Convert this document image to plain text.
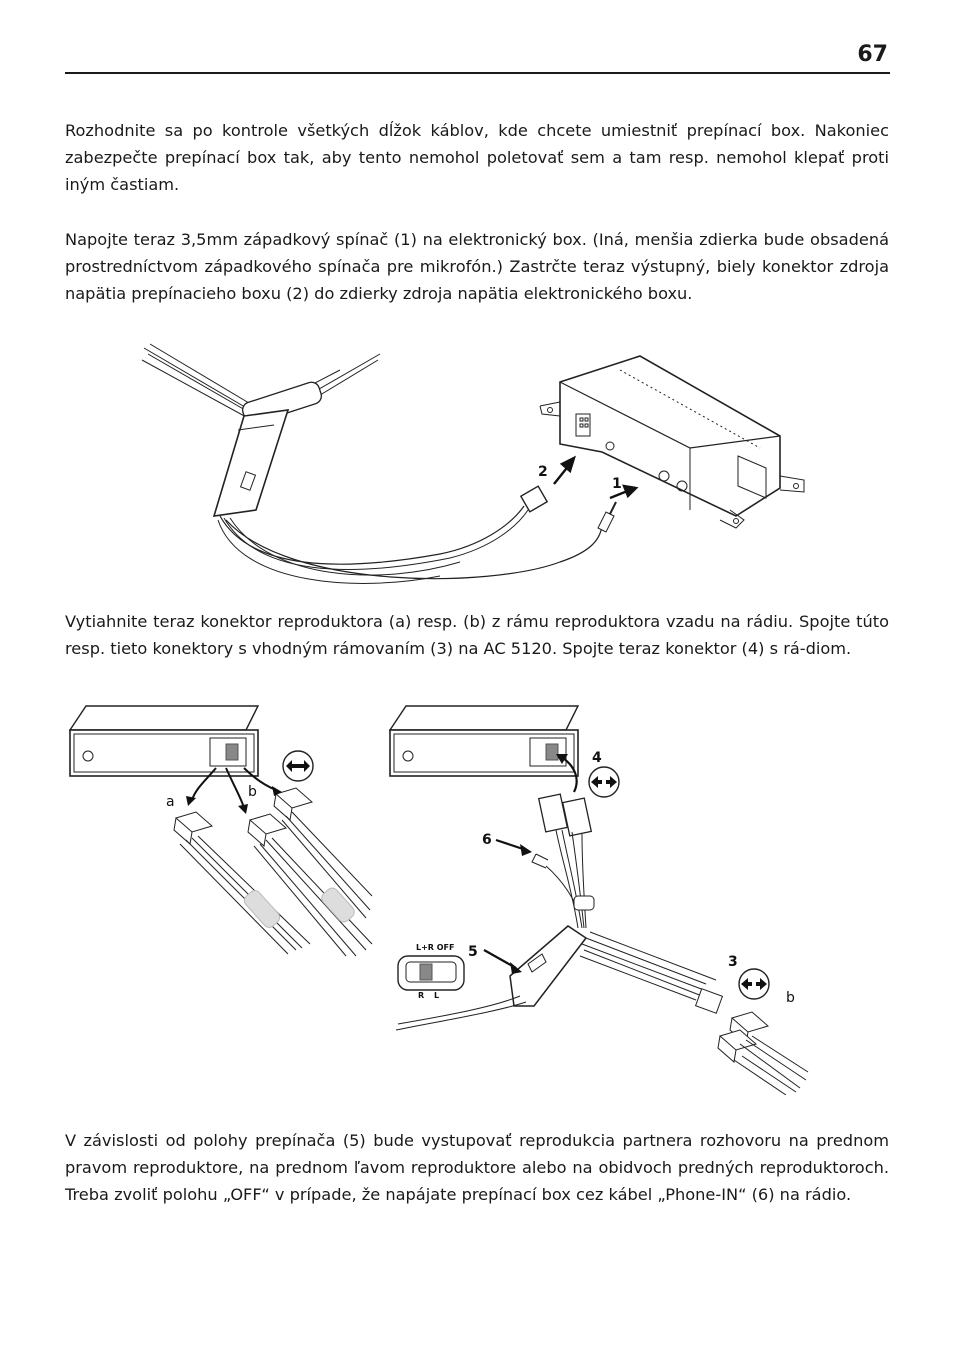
67

Rozhodnite sa po kontrole všetkých dĺžok káblov, kde chcete umiestniť prepínací box. Nakoniec zabezpečte prepínací box tak, aby tento nemohol poletovať sem a tam resp. nemohol klepať proti iným častiam.

Napojte teraz 3,5mm západkový spínač (1) na elektronický box. (Iná, menšia zdierka bude obsadená prostredníctvom západkového spínača pre mikrofón.) Zastrčte teraz výstupný, biely konektor zdroja napätia prepínacieho boxu (2) do zdierky zdroja napätia elektronického boxu.

2
1

Vytiahnite teraz konektor reproduktora (a) resp. (b) z rámu reproduktora vzadu na rádiu. Spojte túto resp. tieto konektory s vhodným rámovaním (3) na AC 5120. Spojte teraz konektor (4) s rá-diom.

a
b
4
6
5
3
b
L+R OFF
R L

V závislosti od polohy prepínača (5) bude vystupovať reprodukcia partnera rozhovoru na prednom pravom reproduktore, na prednom ľavom reproduktore alebo na obidvoch predných reproduktoroch. Treba zvoliť polohu „OFF“ v prípade, že napájate prepínací box cez kábel „Phone-IN“ (6) na rádio.
